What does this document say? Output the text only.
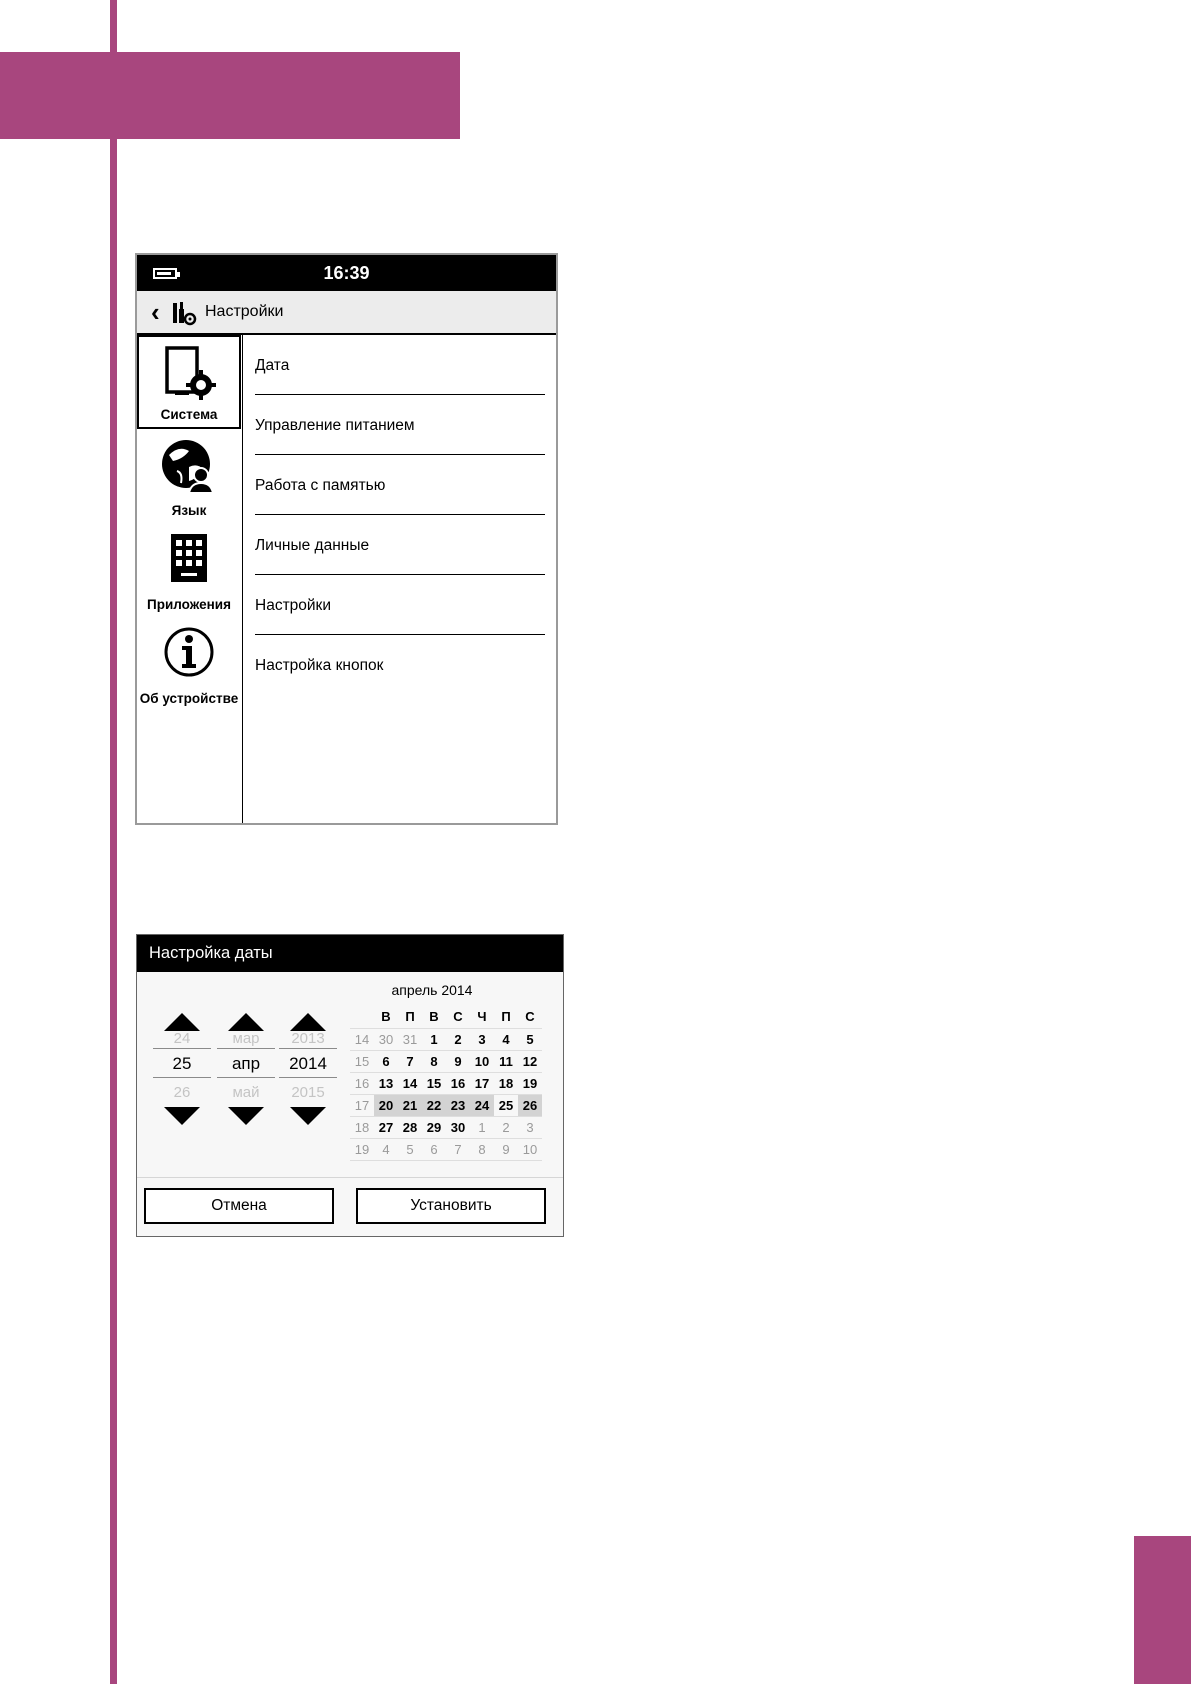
16:39
‹	Настройки
Система
Язык
Приложения
Об устройстве
Дата
Управление питанием
Работа с памятью
Личные данные
Настройки
Настройка кнопок
Настройка даты
24
25
26
мар
апр
май
2013
2014
2015
апрель 2014
В	П	В	С	Ч	П	С
14 30 31	1	2	3	4	5
15	6	7	8	9	10 11 12
16 13 14 15 16 17 18 19
17 20 21 22 23 24 25 26
18 27 28 29 30	1	2	3
19	4	5	6	7	8	9	10
Отмена	Установить
